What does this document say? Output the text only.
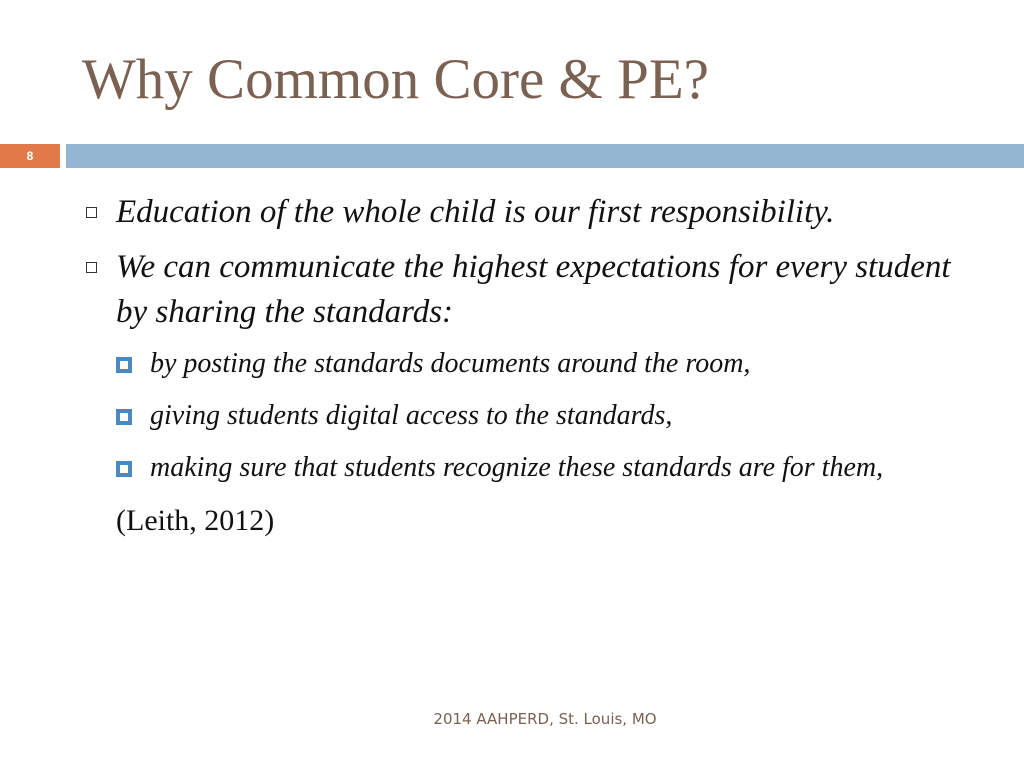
Why Common Core & PE?
8
Education of the whole child is our first responsibility.
We can communicate the highest expectations for every student by sharing the standards:
by posting the standards documents around the room,
giving students digital access to the standards,
making sure that students recognize these standards are for them,
(Leith, 2012)
2014 AAHPERD, St. Louis, MO
